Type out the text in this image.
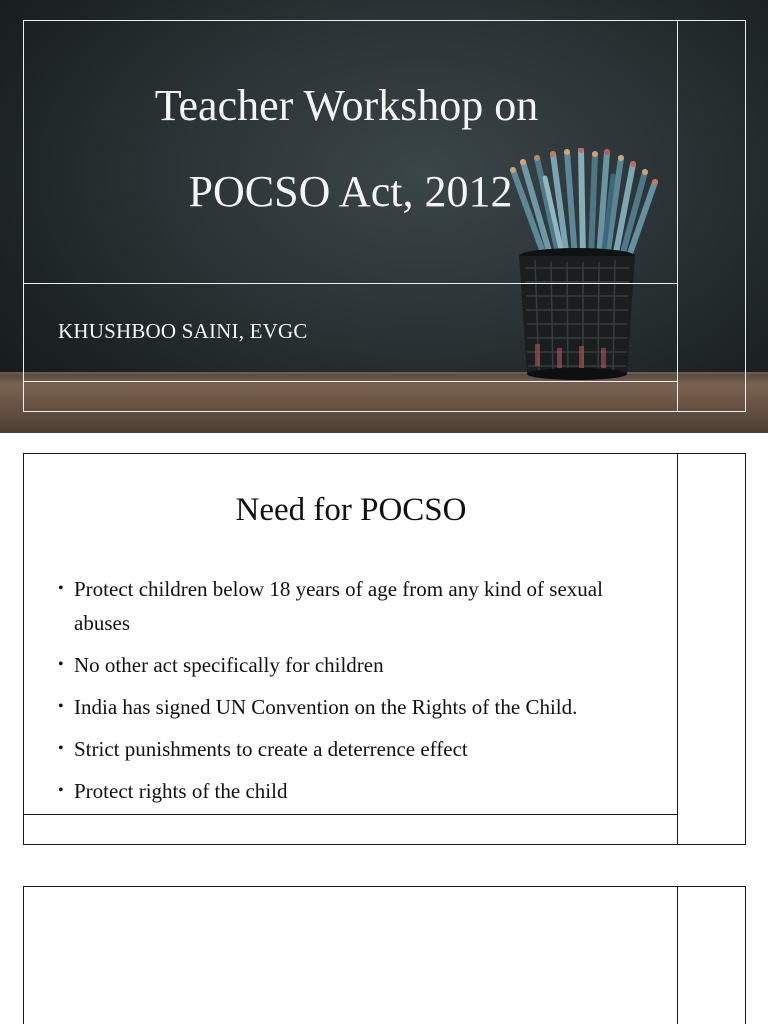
Teacher Workshop on
POCSO Act, 2012
KHUSHBOO SAINI, EVGC
Need for POCSO
• Protect children below 18 years of age from any kind of sexual abuses
• No other act specifically for children
• India has signed UN Convention on the Rights of the Child.
• Strict punishments to create a deterrence effect
• Protect rights of the child
